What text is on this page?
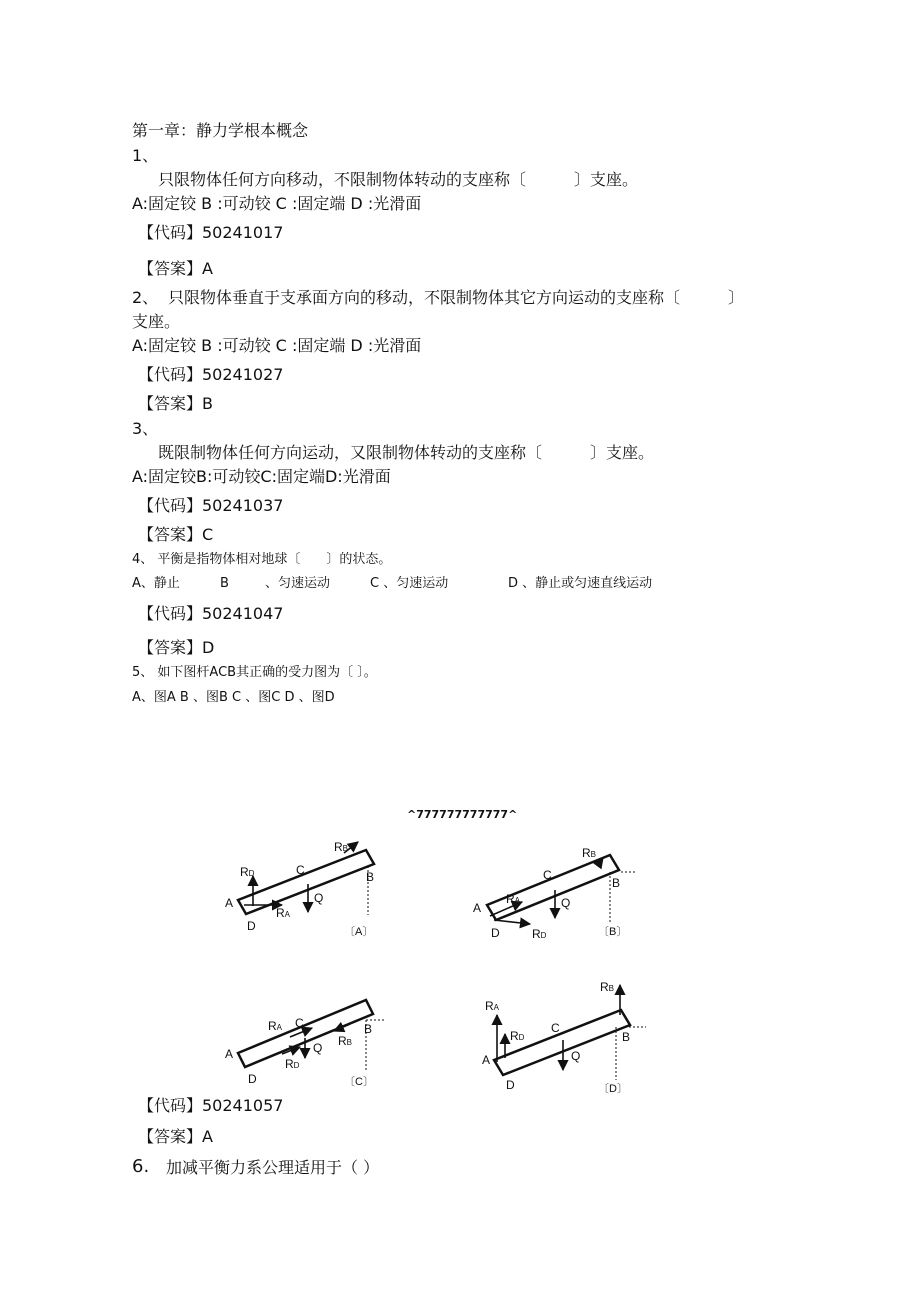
第一章：静力学根本概念
1、
只限物体任何方向移动，不限制物体转动的支座称〔　　　〕支座。
A:固定铰 B :可动铰 C :固定端 D :光滑面
【代码】50241017
【答案】A
2、 只限物体垂直于支承面方向的移动，不限制物体其它方向运动的支座称〔　　　〕
支座。
A:固定铰 B :可动铰 C :固定端 D :光滑面
【代码】50241027
【答案】B
3、
既限制物体任何方向运动，又限制物体转动的支座称〔　　　〕支座。
A:固定铰B:可动铰C:固定端D:光滑面
【代码】50241037
【答案】C
4、 平衡是指物体相对地球〔　　〕的状态。
A、静止	B	、匀速运动	C 、匀速运动	D 、静止或匀速直线运动
【代码】50241047
【答案】D
5、 如下图杆ACB其正确的受力图为〔 〕。
A、图A B 、图B C 、图C D 、图D
^777777777777^
RD
A
D
RA
C
Q
RB
B
〔A〕
A
RA
D	RD
C
Q
RB
B
〔B〕
A
D
RA C
Q
RD
RB
B
〔C〕
RA
RD
A
D
C
Q
RB
B
〔D〕
【代码】50241057
【答案】A
6. 加减平衡力系公理适用于（ ）
